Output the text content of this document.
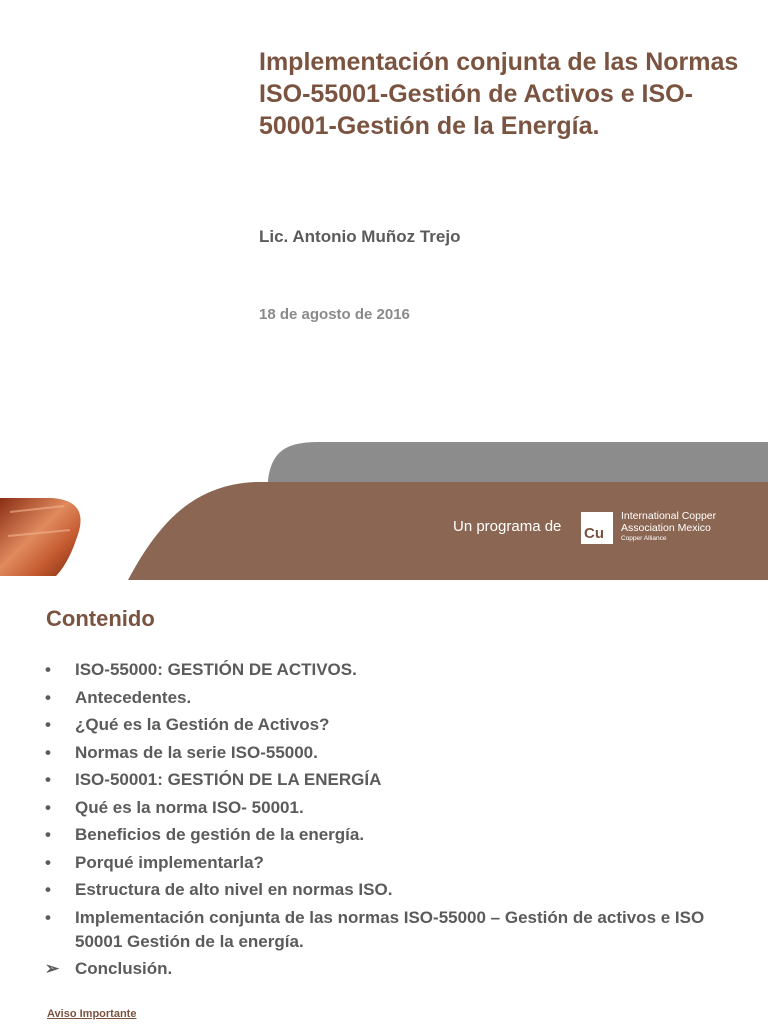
Implementación conjunta de las Normas ISO-55001-Gestión de Activos e ISO-50001-Gestión de la Energía.
Lic. Antonio Muñoz Trejo
18 de agosto de 2016
Un programa de Cu
International Copper
Association Mexico
Copper Alliance
Contenido
•	ISO-55000: GESTIÓN DE ACTIVOS.
•	Antecedentes.
•	¿Qué es la Gestión de Activos?
•	Normas de la serie ISO-55000.
•	ISO-50001: GESTIÓN DE LA ENERGÍA
•	Qué es la norma ISO- 50001.
•	Beneficios de gestión de la energía.
•	Porqué implementarla?
•	Estructura de alto nivel en normas ISO.
•	Implementación conjunta de las normas ISO-55000 – Gestión de activos e ISO 50001 Gestión de la energía.
➢ Conclusión.
Aviso Importante
